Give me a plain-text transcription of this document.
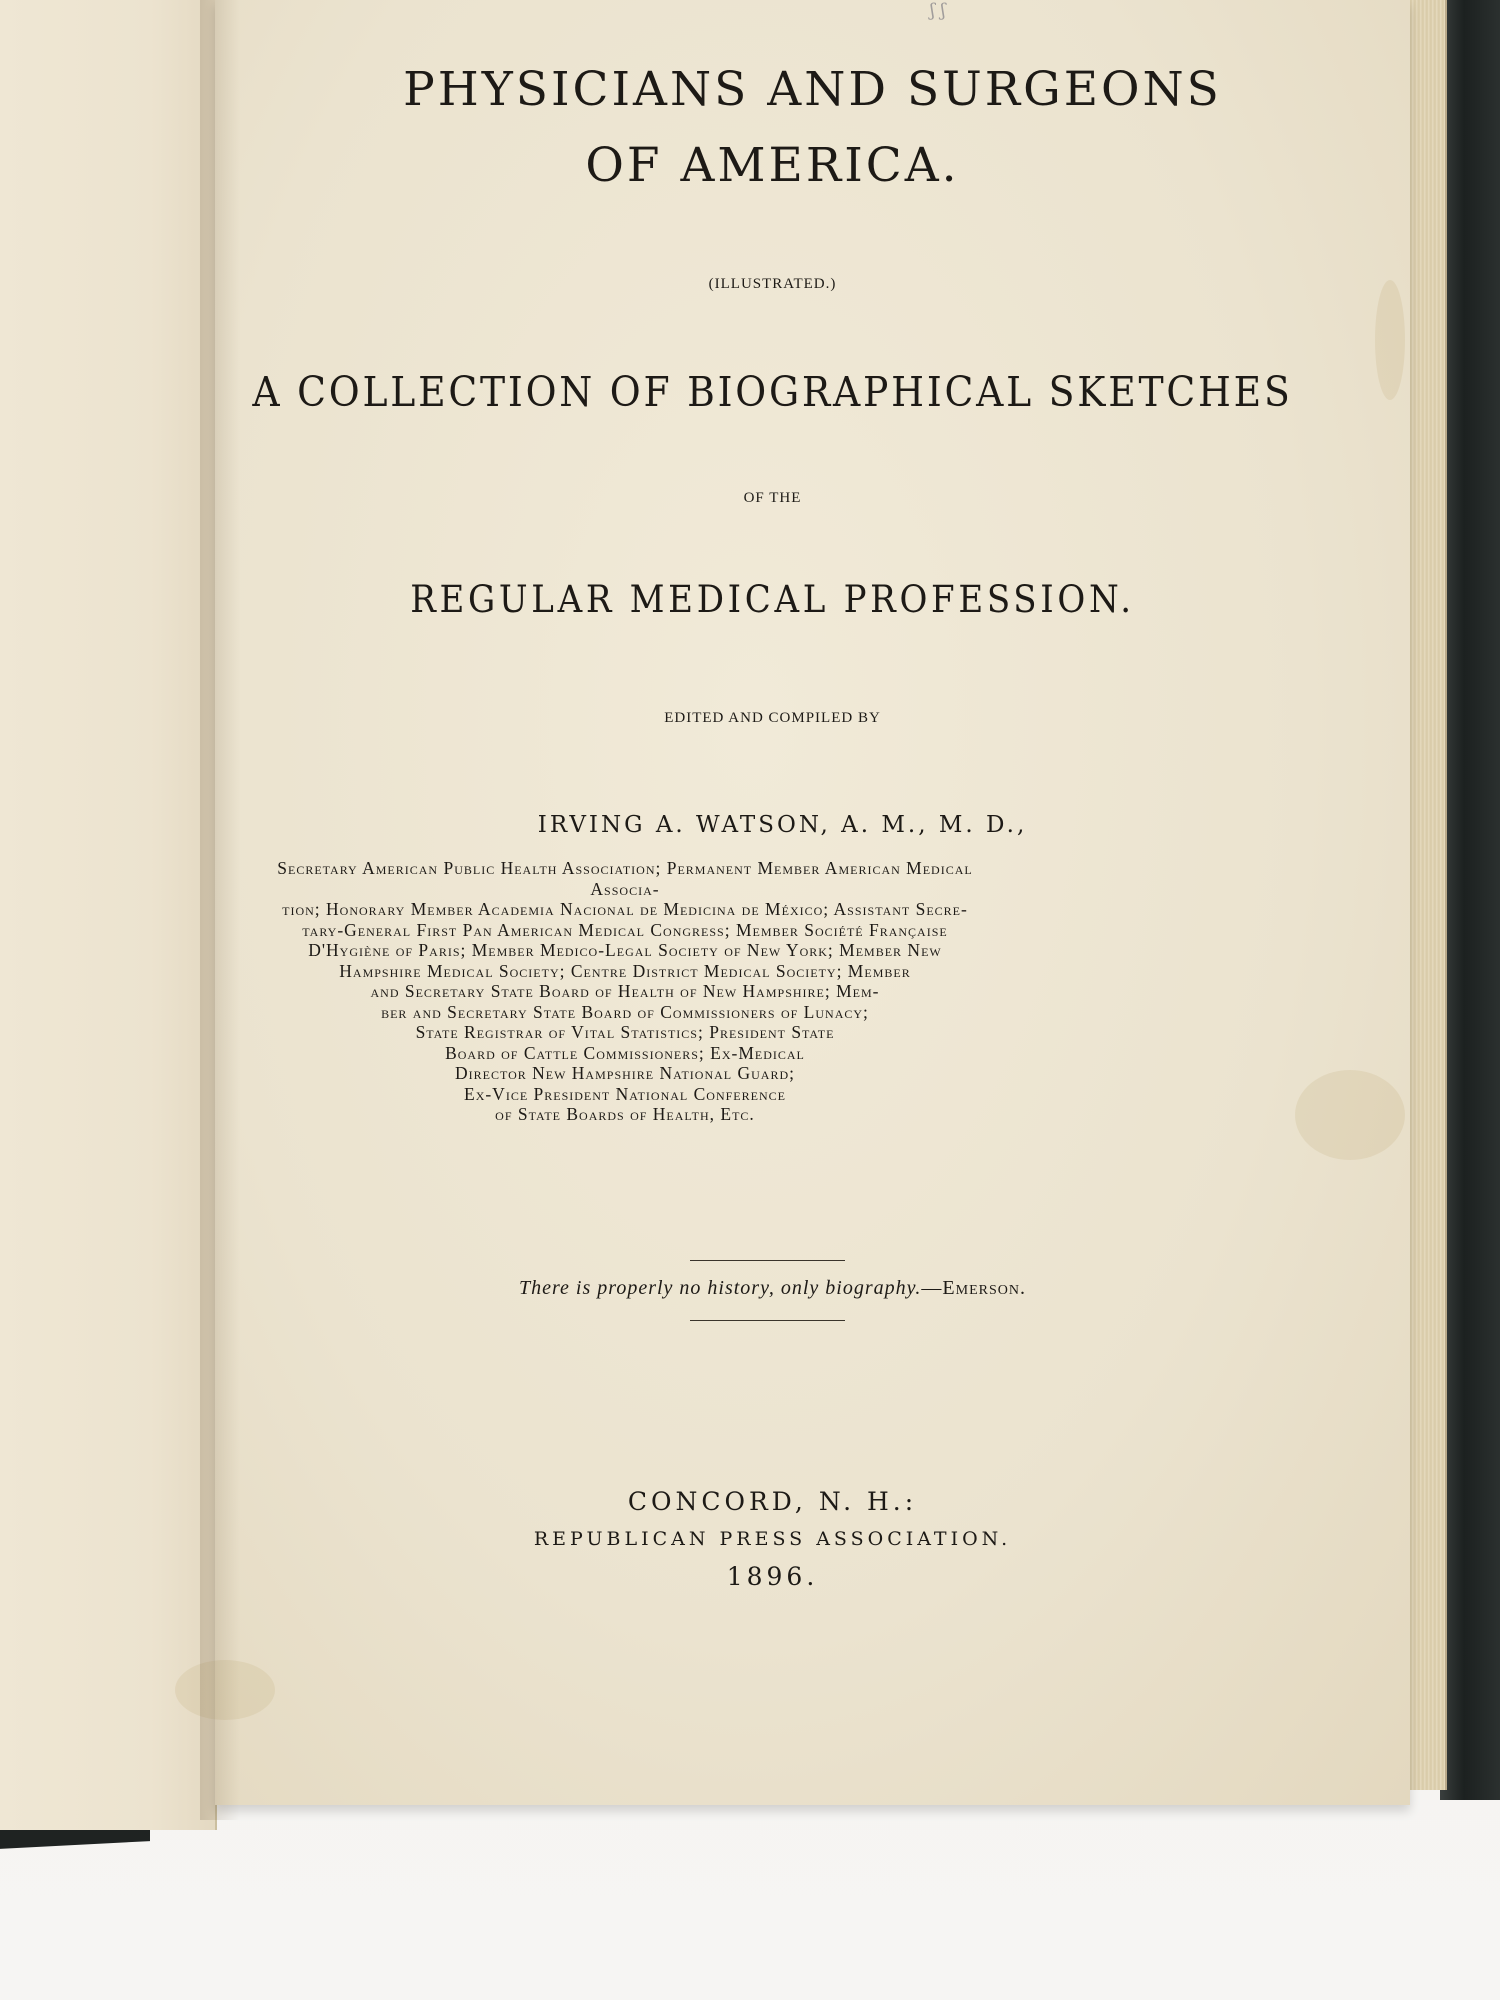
ʃ ʃ

PHYSICIANS AND SURGEONS

OF AMERICA.

(ILLUSTRATED.)

A COLLECTION OF BIOGRAPHICAL SKETCHES

OF THE

REGULAR MEDICAL PROFESSION.

EDITED AND COMPILED BY

IRVING A. WATSON, A. M., M. D.,

Secretary American Public Health Association; Permanent Member American Medical Associa-
tion; Honorary Member Academia Nacional de Medicina de México; Assistant Secre-
tary-General First Pan American Medical Congress; Member Société Française
D'Hygiène of Paris; Member Medico-Legal Society of New York; Member New
Hampshire Medical Society; Centre District Medical Society; Member
and Secretary State Board of Health of New Hampshire; Mem-
ber and Secretary State Board of Commissioners of Lunacy;
State Registrar of Vital Statistics; President State
Board of Cattle Commissioners; Ex-Medical
Director New Hampshire National Guard;
Ex-Vice President National Conference
of State Boards of Health, Etc.

There is properly no history, only biography.—Emerson.

CONCORD, N. H.:

REPUBLICAN PRESS ASSOCIATION.

1896.
